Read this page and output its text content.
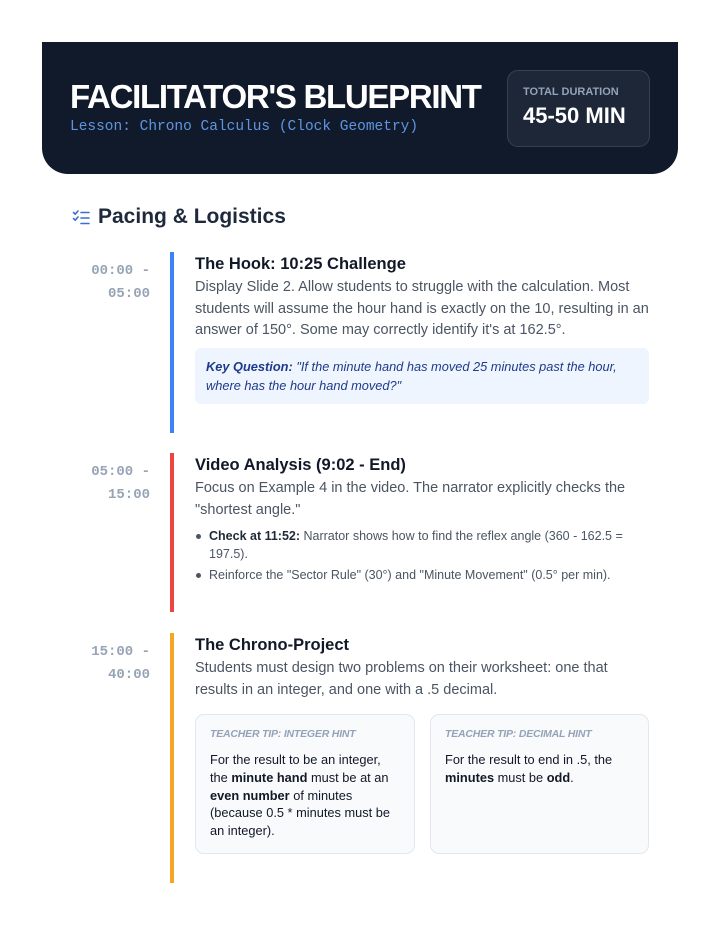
FACILITATOR'S BLUEPRINT
Lesson: Chrono Calculus (Clock Geometry)
TOTAL DURATION
45-50 MIN
Pacing & Logistics
00:00 -
05:00
The Hook: 10:25 Challenge
Display Slide 2. Allow students to struggle with the calculation. Most students will assume the hour hand is exactly on the 10, resulting in an answer of 150°. Some may correctly identify it's at 162.5°.
Key Question: "If the minute hand has moved 25 minutes past the hour, where has the hour hand moved?"
05:00 -
15:00
Video Analysis (9:02 - End)
Focus on Example 4 in the video. The narrator explicitly checks the "shortest angle."
Check at 11:52: Narrator shows how to find the reflex angle (360 - 162.5 = 197.5).
Reinforce the "Sector Rule" (30°) and "Minute Movement" (0.5° per min).
15:00 -
40:00
The Chrono-Project
Students must design two problems on their worksheet: one that results in an integer, and one with a .5 decimal.
TEACHER TIP: INTEGER HINT
For the result to be an integer, the minute hand must be at an even number of minutes (because 0.5 * minutes must be an integer).
TEACHER TIP: DECIMAL HINT
For the result to end in .5, the minutes must be odd.
